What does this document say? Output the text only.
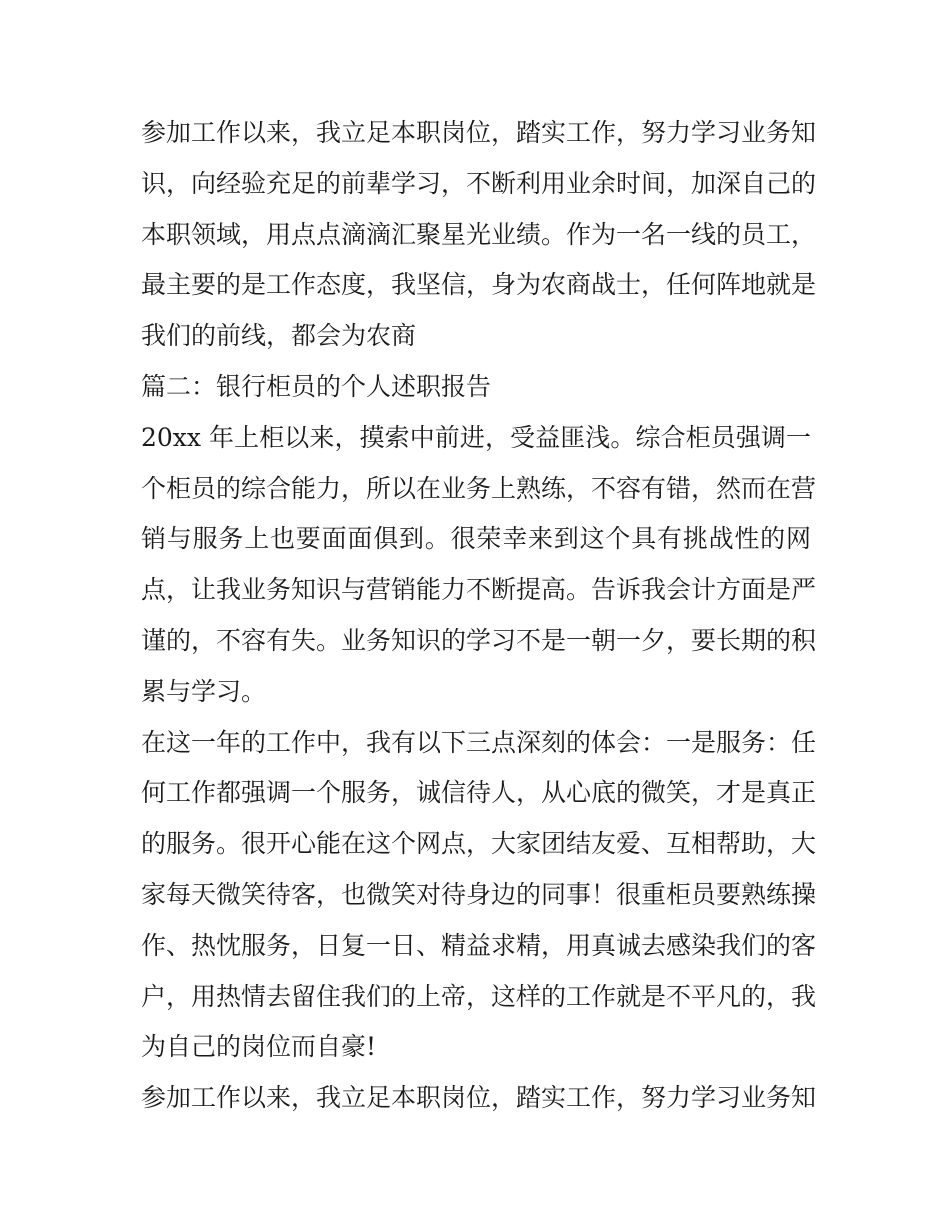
参加工作以来，我立足本职岗位，踏实工作，努力学习业务知
识，向经验充足的前辈学习，不断利用业余时间，加深自己的
本职领域，用点点滴滴汇聚星光业绩。作为一名一线的员工，
最主要的是工作态度，我坚信，身为农商战士，任何阵地就是
我们的前线，都会为农商
篇二：银行柜员的个人述职报告
20xx 年上柜以来，摸索中前进，受益匪浅。综合柜员强调一
个柜员的综合能力，所以在业务上熟练，不容有错，然而在营
销与服务上也要面面俱到。很荣幸来到这个具有挑战性的网
点，让我业务知识与营销能力不断提高。告诉我会计方面是严
谨的，不容有失。业务知识的学习不是一朝一夕，要长期的积
累与学习。
在这一年的工作中，我有以下三点深刻的体会：一是服务：任
何工作都强调一个服务，诚信待人，从心底的微笑，才是真正
的服务。很开心能在这个网点，大家团结友爱、互相帮助，大
家每天微笑待客，也微笑对待身边的同事！很重柜员要熟练操
作、热忱服务，日复一日、精益求精，用真诚去感染我们的客
户，用热情去留住我们的上帝，这样的工作就是不平凡的，我
为自己的岗位而自豪!
参加工作以来，我立足本职岗位，踏实工作，努力学习业务知
